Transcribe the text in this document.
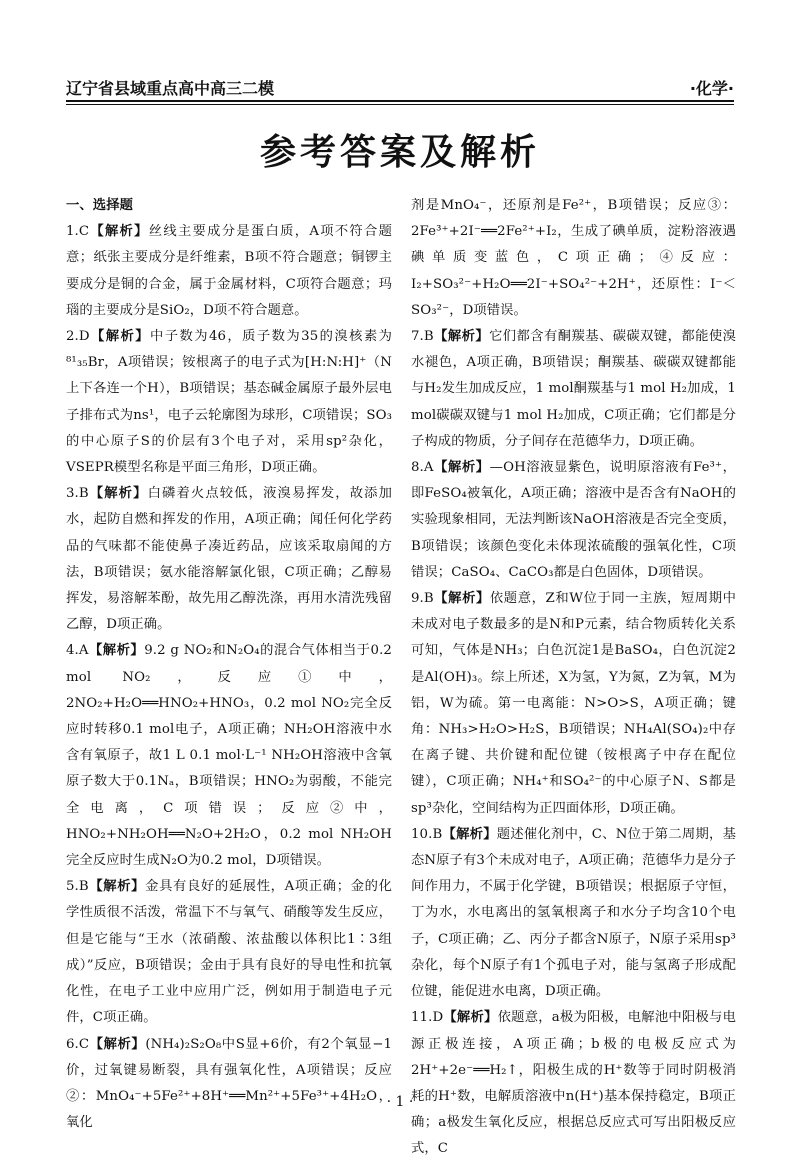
辽宁省县域重点高中高三二模	·化学·
参考答案及解析
一、选择题

1.C【解析】丝线主要成分是蛋白质，A项不符合题意；纸张主要成分是纤维素，B项不符合题意；铜锣主要成分是铜的合金，属于金属材料，C项符合题意；玛瑙的主要成分是SiO₂，D项不符合题意。

2.D【解析】中子数为46，质子数为35的溴核素为⁸¹₃₅Br，A项错误；铵根离子的电子式为[H:N:H]⁺（N上下各连一个H），B项错误；基态碱金属原子最外层电子排布式为ns¹，电子云轮廓图为球形，C项错误；SO₃的中心原子S的价层有3个电子对，采用sp²杂化，VSEPR模型名称是平面三角形，D项正确。

3.B【解析】白磷着火点较低，液溴易挥发，故添加水，起防自燃和挥发的作用，A项正确；闻任何化学药品的气味都不能使鼻子凑近药品，应该采取扇闻的方法，B项错误；氨水能溶解氯化银，C项正确；乙醇易挥发，易溶解苯酚，故先用乙醇洗涤，再用水清洗残留乙醇，D项正确。

4.A【解析】9.2 g NO₂和N₂O₄的混合气体相当于0.2 mol NO₂，反应①中，2NO₂+H₂O══HNO₂+HNO₃，0.2 mol NO₂完全反应时转移0.1 mol电子，A项正确；NH₂OH溶液中水含有氧原子，故1 L 0.1 mol·L⁻¹ NH₂OH溶液中含氧原子数大于0.1Nₐ，B项错误；HNO₂为弱酸，不能完全电离，C项错误；反应②中，HNO₂+NH₂OH══N₂O+2H₂O，0.2 mol NH₂OH完全反应时生成N₂O为0.2 mol，D项错误。

5.B【解析】金具有良好的延展性，A项正确；金的化学性质很不活泼，常温下不与氧气、硝酸等发生反应，但是它能与“王水（浓硝酸、浓盐酸以体积比1∶3组成）”反应，B项错误；金由于具有良好的导电性和抗氧化性，在电子工业中应用广泛，例如用于制造电子元件，C项正确。

6.C【解析】(NH₄)₂S₂O₈中S显+6价，有2个氧显−1价，过氧键易断裂，具有强氧化性，A项错误；反应②：MnO₄⁻+5Fe²⁺+8H⁺══Mn²⁺+5Fe³⁺+4H₂O，氧化

剂是MnO₄⁻，还原剂是Fe²⁺，B项错误；反应③：2Fe³⁺+2I⁻══2Fe²⁺+I₂，生成了碘单质，淀粉溶液遇碘单质变蓝色，C项正确；④反应：I₂+SO₃²⁻+H₂O══2I⁻+SO₄²⁻+2H⁺，还原性：I⁻＜SO₃²⁻，D项错误。

7.B【解析】它们都含有酮羰基、碳碳双键，都能使溴水褪色，A项正确，B项错误；酮羰基、碳碳双键都能与H₂发生加成反应，1 mol酮羰基与1 mol H₂加成，1 mol碳碳双键与1 mol H₂加成，C项正确；它们都是分子构成的物质，分子间存在范德华力，D项正确。

8.A【解析】—OH溶液显紫色，说明原溶液有Fe³⁺，即FeSO₄被氧化，A项正确；溶液中是否含有NaOH的实验现象相同，无法判断该NaOH溶液是否完全变质，B项错误；该颜色变化未体现浓硫酸的强氧化性，C项错误；CaSO₄、CaCO₃都是白色固体，D项错误。

9.B【解析】依题意，Z和W位于同一主族，短周期中未成对电子数最多的是N和P元素，结合物质转化关系可知，气体是NH₃；白色沉淀1是BaSO₄，白色沉淀2是Al(OH)₃。综上所述，X为氢，Y为氮，Z为氧，M为铝，W为硫。第一电离能：N>O>S，A项正确；键角：NH₃>H₂O>H₂S，B项错误；NH₄Al(SO₄)₂中存在离子键、共价键和配位键（铵根离子中存在配位键），C项正确；NH₄⁺和SO₄²⁻的中心原子N、S都是sp³杂化，空间结构为正四面体形，D项正确。

10.B【解析】题述催化剂中，C、N位于第二周期，基态N原子有3个未成对电子，A项正确；范德华力是分子间作用力，不属于化学键，B项错误；根据原子守恒，丁为水，水电离出的氢氧根离子和水分子均含10个电子，C项正确；乙、丙分子都含N原子，N原子采用sp³杂化，每个N原子有1个孤电子对，能与氢离子形成配位键，能促进水电离，D项正确。

11.D【解析】依题意，a极为阳极，电解池中阳极与电源正极连接，A项正确；b极的电极反应式为2H⁺+2e⁻══H₂↑，阳极生成的H⁺数等于同时阴极消耗的H⁺数，电解质溶液中n(H⁺)基本保持稳定，B项正确；a极发生氧化反应，根据总反应式可写出阳极反应式，C

· 1 ·
